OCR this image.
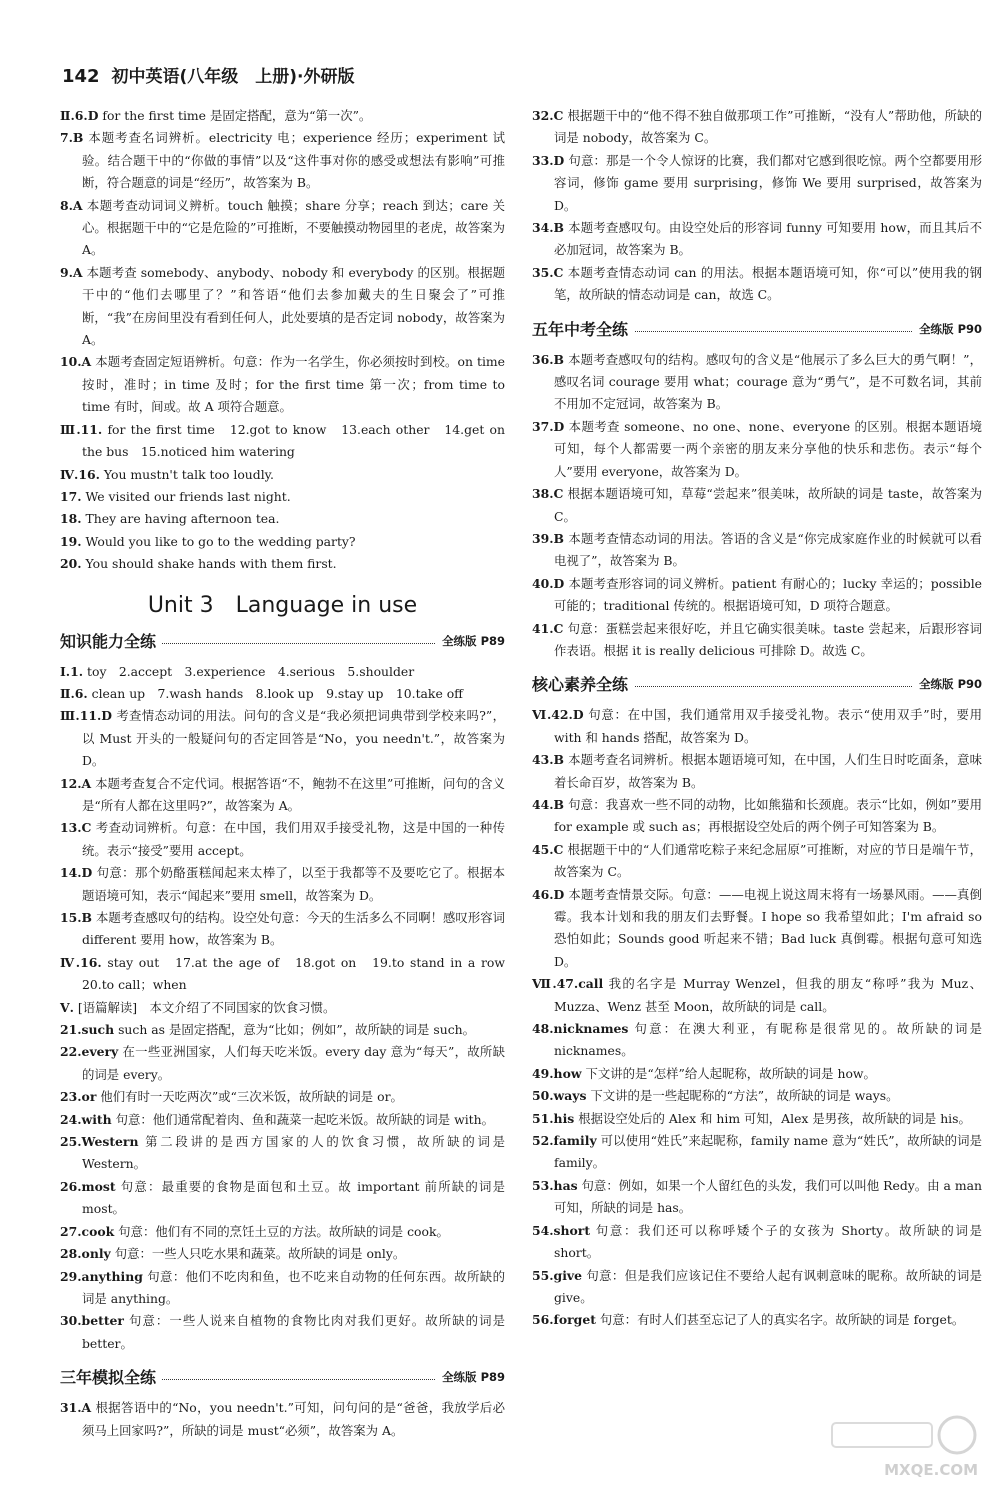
142 初中英语(八年级　上册)·外研版

Ⅱ.6.D for the first time 是固定搭配，意为“第一次”。

7.B 本题考查名词辨析。electricity 电；experience 经历；experiment 试验。结合题干中的“你做的事情”以及“这件事对你的感受或想法有影响”可推断，符合题意的词是“经历”，故答案为 B。

8.A 本题考查动词词义辨析。touch 触摸；share 分享；reach 到达；care 关心。根据题干中的“它是危险的”可推断，不要触摸动物园里的老虎，故答案为 A。

9.A 本题考查 somebody、anybody、nobody 和 everybody 的区别。根据题干中的“他们去哪里了？”和答语“他们去参加戴夫的生日聚会了”可推断，“我”在房间里没有看到任何人，此处要填的是否定词 nobody，故答案为 A。

10.A 本题考查固定短语辨析。句意：作为一名学生，你必须按时到校。on time 按时，准时；in time 及时；for the first time 第一次；from time to time 有时，间或。故 A 项符合题意。

Ⅲ.11. for the first time　12.got to know　13.each other　14.get on the bus　15.noticed him watering

Ⅳ.16. You mustn't talk too loudly.

17. We visited our friends last night.

18. They are having afternoon tea.

19. Would you like to go to the wedding party?

20. You should shake hands with them first.

Unit 3　Language in use
知识能力全练	全练版 P89

Ⅰ.1. toy　2.accept　3.experience　4.serious　5.shoulder

Ⅱ.6. clean up　7.wash hands　8.look up　9.stay up　10.take off

Ⅲ.11.D 考查情态动词的用法。问句的含义是“我必须把词典带到学校来吗?”，以 Must 开头的一般疑问句的否定回答是“No，you needn't.”，故答案为 D。

12.A 本题考查复合不定代词。根据答语“不，鲍勃不在这里”可推断，问句的含义是“所有人都在这里吗?”，故答案为 A。

13.C 考查动词辨析。句意：在中国，我们用双手接受礼物，这是中国的一种传统。表示“接受”要用 accept。

14.D 句意：那个奶酪蛋糕闻起来太棒了，以至于我都等不及要吃它了。根据本题语境可知，表示“闻起来”要用 smell，故答案为 D。

15.B 本题考查感叹句的结构。设空处句意：今天的生活多么不同啊！感叹形容词 different 要用 how，故答案为 B。

Ⅳ.16. stay out　17.at the age of　18.got on　19.to stand in a row　20.to call；when

Ⅴ. [语篇解读]　本文介绍了不同国家的饮食习惯。

21.such such as 是固定搭配，意为“比如；例如”，故所缺的词是 such。

22.every 在一些亚洲国家，人们每天吃米饭。every day 意为“每天”，故所缺的词是 every。

23.or 他们有时一天吃两次”或“三次米饭，故所缺的词是 or。

24.with 句意：他们通常配着肉、鱼和蔬菜一起吃米饭。故所缺的词是 with。

25.Western 第二段讲的是西方国家的人的饮食习惯，故所缺的词是 Western。

26.most 句意：最重要的食物是面包和土豆。故 important 前所缺的词是 most。

27.cook 句意：他们有不同的烹饪土豆的方法。故所缺的词是 cook。

28.only 句意：一些人只吃水果和蔬菜。故所缺的词是 only。

29.anything 句意：他们不吃肉和鱼，也不吃来自动物的任何东西。故所缺的词是 anything。

30.better 句意：一些人说来自植物的食物比肉对我们更好。故所缺的词是 better。

三年模拟全练	全练版 P89

31.A 根据答语中的“No，you needn't.”可知，问句问的是“爸爸，我放学后必须马上回家吗?”，所缺的词是 must“必须”，故答案为 A。

32.C 根据题干中的“他不得不独自做那项工作”可推断，“没有人”帮助他，所缺的词是 nobody，故答案为 C。

33.D 句意：那是一个令人惊讶的比赛，我们都对它感到很吃惊。两个空都要用形容词，修饰 game 要用 surprising，修饰 We 要用 surprised，故答案为 D。

34.B 本题考查感叹句。由设空处后的形容词 funny 可知要用 how，而且其后不必加冠词，故答案为 B。

35.C 本题考查情态动词 can 的用法。根据本题语境可知，你“可以”使用我的钢笔，故所缺的情态动词是 can，故选 C。

五年中考全练	全练版 P90

36.B 本题考查感叹句的结构。感叹句的含义是“他展示了多么巨大的勇气啊！”，感叹名词 courage 要用 what；courage 意为“勇气”，是不可数名词，其前不用加不定冠词，故答案为 B。

37.D 本题考查 someone、no one、none、everyone 的区别。根据本题语境可知，每个人都需要一两个亲密的朋友来分享他的快乐和悲伤。表示“每个人”要用 everyone，故答案为 D。

38.C 根据本题语境可知，草莓“尝起来”很美味，故所缺的词是 taste，故答案为 C。

39.B 本题考查情态动词的用法。答语的含义是“你完成家庭作业的时候就可以看电视了”，故答案为 B。

40.D 本题考查形容词的词义辨析。patient 有耐心的；lucky 幸运的；possible 可能的；traditional 传统的。根据语境可知，D 项符合题意。

41.C 句意：蛋糕尝起来很好吃，并且它确实很美味。taste 尝起来，后跟形容词作表语。根据 it is really delicious 可排除 D。故选 C。

核心素养全练	全练版 P90

Ⅵ.42.D 句意：在中国，我们通常用双手接受礼物。表示“使用双手”时，要用 with 和 hands 搭配，故答案为 D。

43.B 本题考查名词辨析。根据本题语境可知，在中国，人们生日时吃面条，意味着长命百岁，故答案为 B。

44.B 句意：我喜欢一些不同的动物，比如熊猫和长颈鹿。表示“比如，例如”要用 for example 或 such as；再根据设空处后的两个例子可知答案为 B。

45.C 根据题干中的“人们通常吃粽子来纪念屈原”可推断，对应的节日是端午节，故答案为 C。

46.D 本题考查情景交际。句意：——电视上说这周末将有一场暴风雨。——真倒霉。我本计划和我的朋友们去野餐。I hope so 我希望如此；I'm afraid so 恐怕如此；Sounds good 听起来不错；Bad luck 真倒霉。根据句意可知选 D。

Ⅶ.47.call 我的名字是 Murray Wenzel，但我的朋友“称呼”我为 Muz、Muzza、Wenz 甚至 Moon，故所缺的词是 call。

48.nicknames 句意：在澳大利亚，有昵称是很常见的。故所缺的词是 nicknames。

49.how 下文讲的是“怎样”给人起昵称，故所缺的词是 how。

50.ways 下文讲的是一些起昵称的“方法”，故所缺的词是 ways。

51.his 根据设空处后的 Alex 和 him 可知，Alex 是男孩，故所缺的词是 his。

52.family 可以使用“姓氏”来起昵称，family name 意为“姓氏”，故所缺的词是 family。

53.has 句意：例如，如果一个人留红色的头发，我们可以叫他 Redy。由 a man 可知，所缺的词是 has。

54.short 句意：我们还可以称呼矮个子的女孩为 Shorty。故所缺的词是 short。

55.give 句意：但是我们应该记住不要给人起有讽刺意味的昵称。故所缺的词是 give。

56.forget 句意：有时人们甚至忘记了人的真实名字。故所缺的词是 forget。

MXQE.COM
